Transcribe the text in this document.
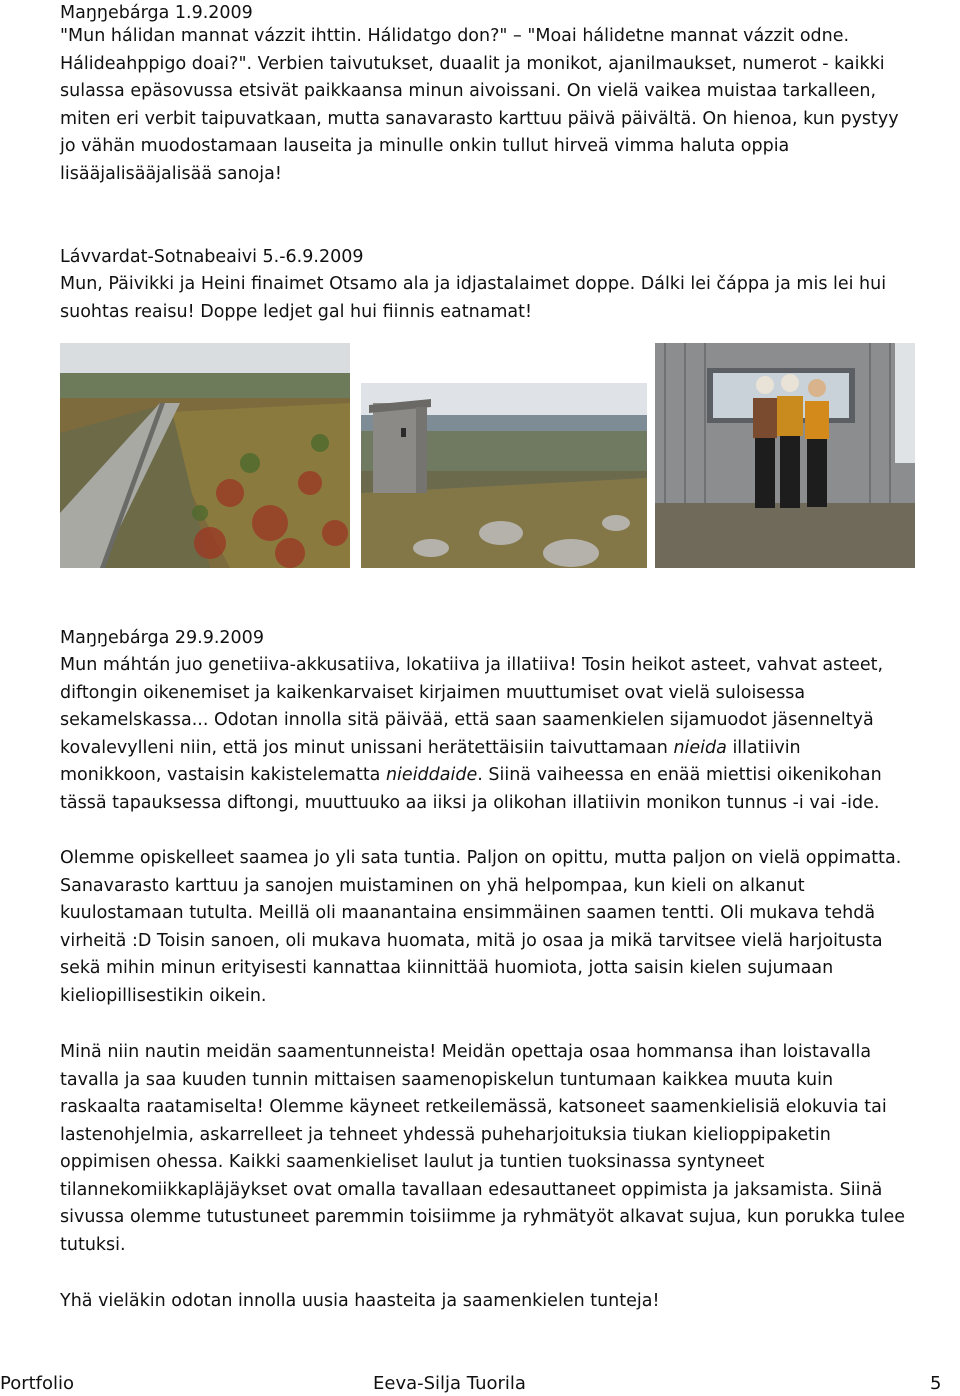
Maŋŋebárga 1.9.2009

"Mun hálidan mannat vázzit ihttin. Hálidatgo don?" – "Moai hálidetne mannat vázzit odne.
Hálideahppigo doai?". Verbien taivutukset, duaalit ja monikot, ajanilmaukset, numerot - kaikki
sulassa epäsovussa etsivät paikkaansa minun aivoissani. On vielä vaikea muistaa tarkalleen,
miten eri verbit taipuvatkaan, mutta sanavarasto karttuu päivä päivältä. On hienoa, kun pystyy
jo vähän muodostamaan lauseita ja minulle onkin tullut hirveä vimma haluta oppia
lisääjalisääjalisää sanoja!

Lávvardat-Sotnabeaivi 5.-6.9.2009

Mun, Päivikki ja Heini finaimet Otsamo ala ja idjastalaimet doppe. Dálki lei čáppa ja mis lei hui
suohtas reaisu! Doppe ledjet gal hui fiinnis eatnamat!

Maŋŋebárga 29.9.2009

Mun máhtán juo genetiiva-akkusatiiva, lokatiiva ja illatiiva! Tosin heikot asteet, vahvat asteet,
diftongin oikenemiset ja kaikenkarvaiset kirjaimen muuttumiset ovat vielä suloisessa
sekamelskassa... Odotan innolla sitä päivää, että saan saamenkielen sijamuodot jäsenneltyä
kovalevylleni niin, että jos minut unissani herätettäisiin taivuttamaan nieida illatiivin
monikkoon, vastaisin kakistelematta nieiddaide. Siinä vaiheessa en enää miettisi oikenikohan
tässä tapauksessa diftongi, muuttuuko aa iiksi ja olikohan illatiivin monikon tunnus -i vai -ide.
Olemme opiskelleet saamea jo yli sata tuntia. Paljon on opittu, mutta paljon on vielä oppimatta.
Sanavarasto karttuu ja sanojen muistaminen on yhä helpompaa, kun kieli on alkanut
kuulostamaan tutulta. Meillä oli maanantaina ensimmäinen saamen tentti. Oli mukava tehdä
virheitä :D Toisin sanoen, oli mukava huomata, mitä jo osaa ja mikä tarvitsee vielä harjoitusta
sekä mihin minun erityisesti kannattaa kiinnittää huomiota, jotta saisin kielen sujumaan
kieliopillisestikin oikein.
Minä niin nautin meidän saamentunneista! Meidän opettaja osaa hommansa ihan loistavalla
tavalla ja saa kuuden tunnin mittaisen saamenopiskelun tuntumaan kaikkea muuta kuin
raskaalta raatamiselta! Olemme käyneet retkeilemässä, katsoneet saamenkielisiä elokuvia tai
lastenohjelmia, askarrelleet ja tehneet yhdessä puheharjoituksia tiukan kielioppipaketin
oppimisen ohessa. Kaikki saamenkieliset laulut ja tuntien tuoksinassa syntyneet
tilannekomiikkapläjäykset ovat omalla tavallaan edesauttaneet oppimista ja jaksamista. Siinä
sivussa olemme tutustuneet paremmin toisiimme ja ryhmätyöt alkavat sujua, kun porukka tulee
tutuksi.

Yhä vieläkin odotan innolla uusia haasteita ja saamenkielen tunteja!

Portfolio	Eeva-Silja Tuorila	5
